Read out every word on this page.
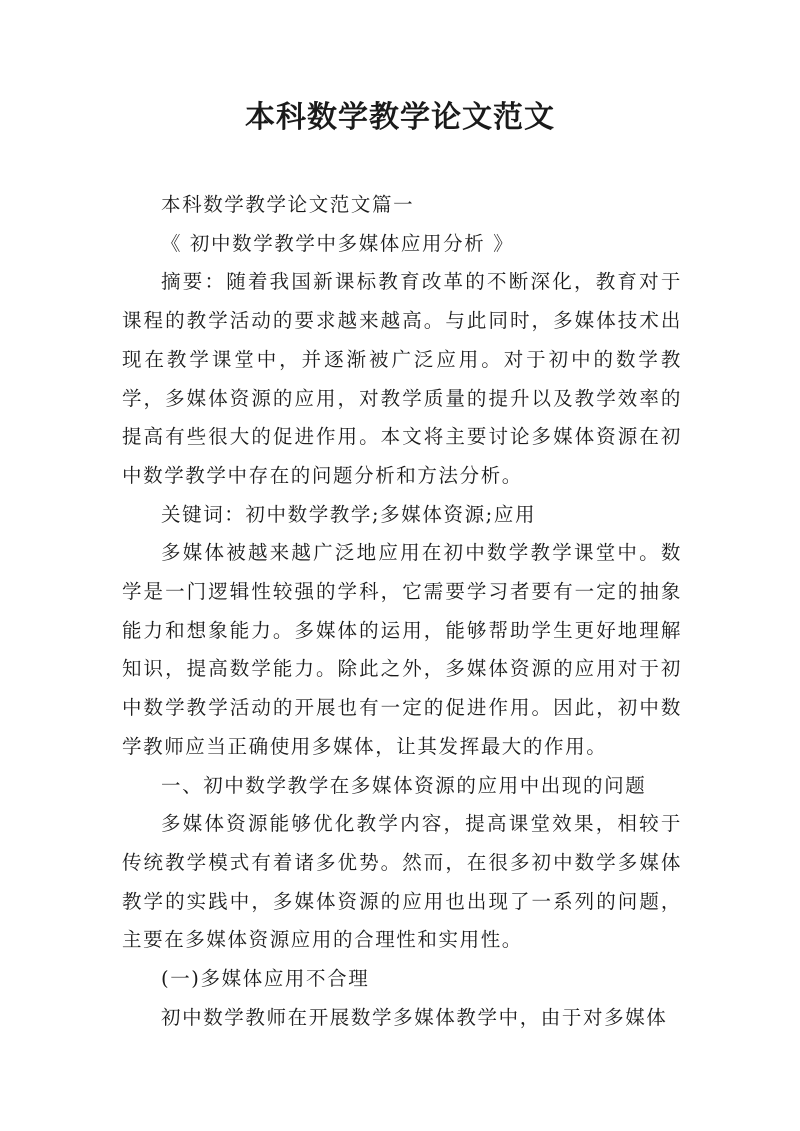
本科数学教学论文范文

本科数学教学论文范文篇一

《 初中数学教学中多媒体应用分析 》

摘要：随着我国新课标教育改革的不断深化，教育对于课程的教学活动的要求越来越高。与此同时，多媒体技术出现在教学课堂中，并逐渐被广泛应用。对于初中的数学教学，多媒体资源的应用，对教学质量的提升以及教学效率的提高有些很大的促进作用。本文将主要讨论多媒体资源在初中数学教学中存在的问题分析和方法分析。

关键词：初中数学教学;多媒体资源;应用

多媒体被越来越广泛地应用在初中数学教学课堂中。数学是一门逻辑性较强的学科，它需要学习者要有一定的抽象能力和想象能力。多媒体的运用，能够帮助学生更好地理解知识，提高数学能力。除此之外，多媒体资源的应用对于初中数学教学活动的开展也有一定的促进作用。因此，初中数学教师应当正确使用多媒体，让其发挥最大的作用。

一、初中数学教学在多媒体资源的应用中出现的问题

多媒体资源能够优化教学内容，提高课堂效果，相较于传统教学模式有着诸多优势。然而，在很多初中数学多媒体教学的实践中，多媒体资源的应用也出现了一系列的问题，主要在多媒体资源应用的合理性和实用性。

(一)多媒体应用不合理

初中数学教师在开展数学多媒体教学中，由于对多媒体
